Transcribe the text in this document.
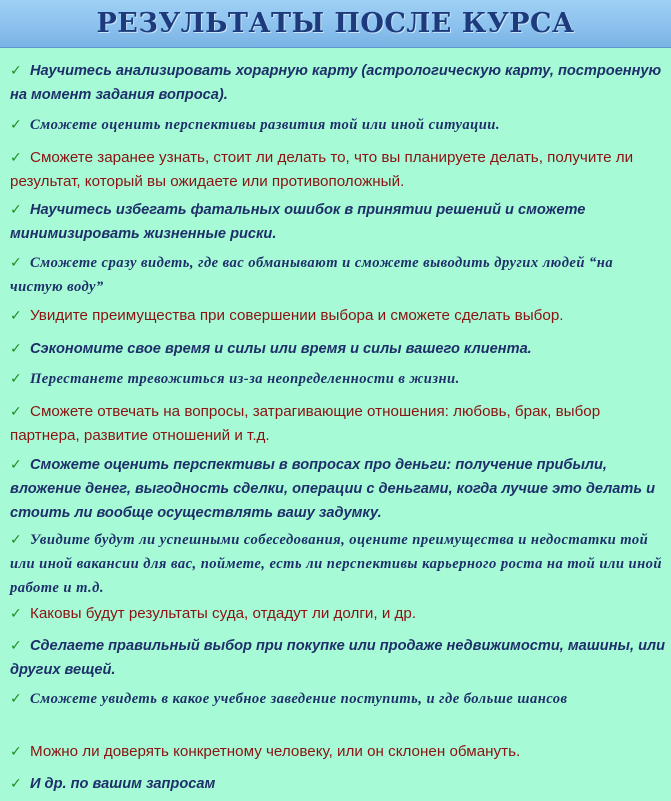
РЕЗУЛЬТАТЫ ПОСЛЕ КУРСА
✓ Научитесь анализировать хорарную карту (астрологическую карту, построенную на момент задания вопроса).
✓ Сможете оценить перспективы развития той или иной ситуации.
✓ Сможете заранее узнать, стоит ли делать то, что вы планируете делать, получите ли результат, который вы ожидаете или противоположный.
✓ Научитесь избегать фатальных ошибок в принятии решений и сможете минимизировать жизненные риски.
✓ Сможете сразу видеть, где вас обманывают и сможете выводить других людей “на чистую воду”
✓ Увидите преимущества при совершении выбора и сможете сделать выбор.
✓ Сэкономите свое время и силы или время и силы вашего клиента.
✓ Перестанете тревожиться из-за неопределенности в жизни.
✓ Сможете отвечать на вопросы, затрагивающие отношения: любовь, брак, выбор партнера, развитие отношений и т.д.
✓ Сможете оценить перспективы в вопросах про деньги: получение прибыли, вложение денег, выгодность сделки, операции с деньгами, когда лучше это делать и стоить ли вообще осуществлять вашу задумку.
✓ Увидите будут ли успешными собеседования, оцените преимущества и недостатки той или иной вакансии для вас, поймете, есть ли перспективы карьерного роста на той или иной работе и т.д.
✓ Каковы будут результаты суда, отдадут ли долги, и др.
✓ Сделаете правильный выбор при покупке или продаже недвижимости, машины, или других вещей.
✓ Сможете увидеть в какое учебное заведение поступить, и где больше шансов
✓ Можно ли доверять конкретному человеку, или он склонен обмануть.
✓ И др. по вашим запросам
